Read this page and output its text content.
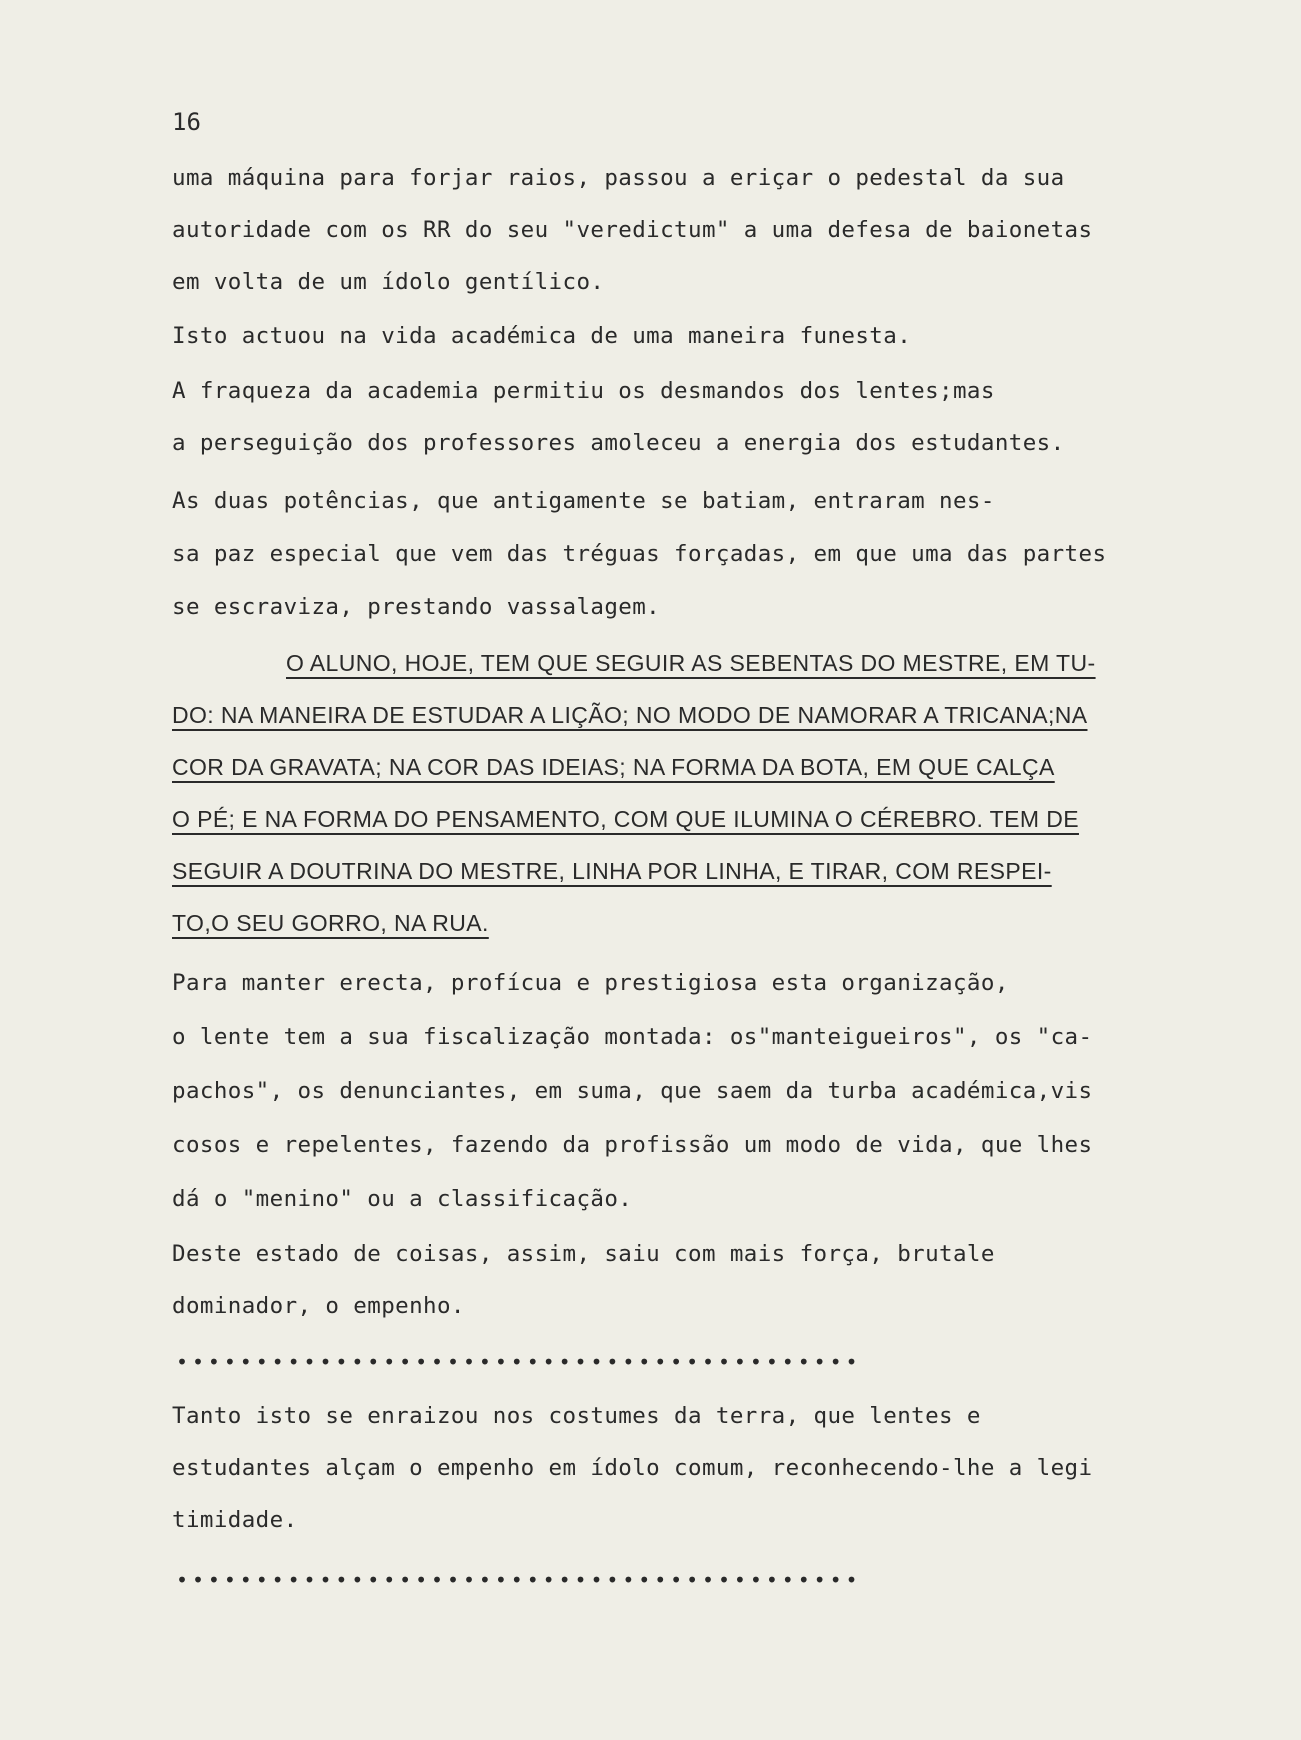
16
uma máquina para forjar raios, passou a eriçar o pedestal da sua
autoridade com os RR do seu "veredictum" a uma defesa de baionetas
em volta de um ídolo gentílico.
Isto actuou na vida académica de uma maneira funesta.
A fraqueza da academia permitiu os desmandos dos lentes;mas
a perseguição dos professores amoleceu a energia dos estudantes.
As duas potências, que antigamente se batiam, entraram nes-
sa paz especial que vem das tréguas forçadas, em que uma das partes
se escraviza, prestando vassalagem.
O ALUNO, HOJE, TEM QUE SEGUIR AS SEBENTAS DO MESTRE, EM TU-
DO: NA MANEIRA DE ESTUDAR A LIÇÃO; NO MODO DE NAMORAR A TRICANA;NA
COR DA GRAVATA; NA COR DAS IDEIAS; NA FORMA DA BOTA, EM QUE CALÇA
O PÉ; E NA FORMA DO PENSAMENTO, COM QUE ILUMINA O CÉREBRO. TEM DE
SEGUIR A DOUTRINA DO MESTRE, LINHA POR LINHA, E TIRAR, COM RESPEI-
TO,O SEU GORRO, NA RUA.
Para manter erecta, profícua e prestigiosa esta organização,
o lente tem a sua fiscalização montada: os"manteigueiros", os "ca-
pachos", os denunciantes, em suma, que saem da turba académica,vis
cosos e repelentes, fazendo da profissão um modo de vida, que lhes
dá o "menino" ou a classificação.
Deste estado de coisas, assim, saiu com mais força, brutale
dominador, o empenho.
•••••••••••••••••••••••••••••••••••••••••••
Tanto isto se enraizou nos costumes da terra, que lentes e
estudantes alçam o empenho em ídolo comum, reconhecendo-lhe a legi
timidade.
•••••••••••••••••••••••••••••••••••••••••••
